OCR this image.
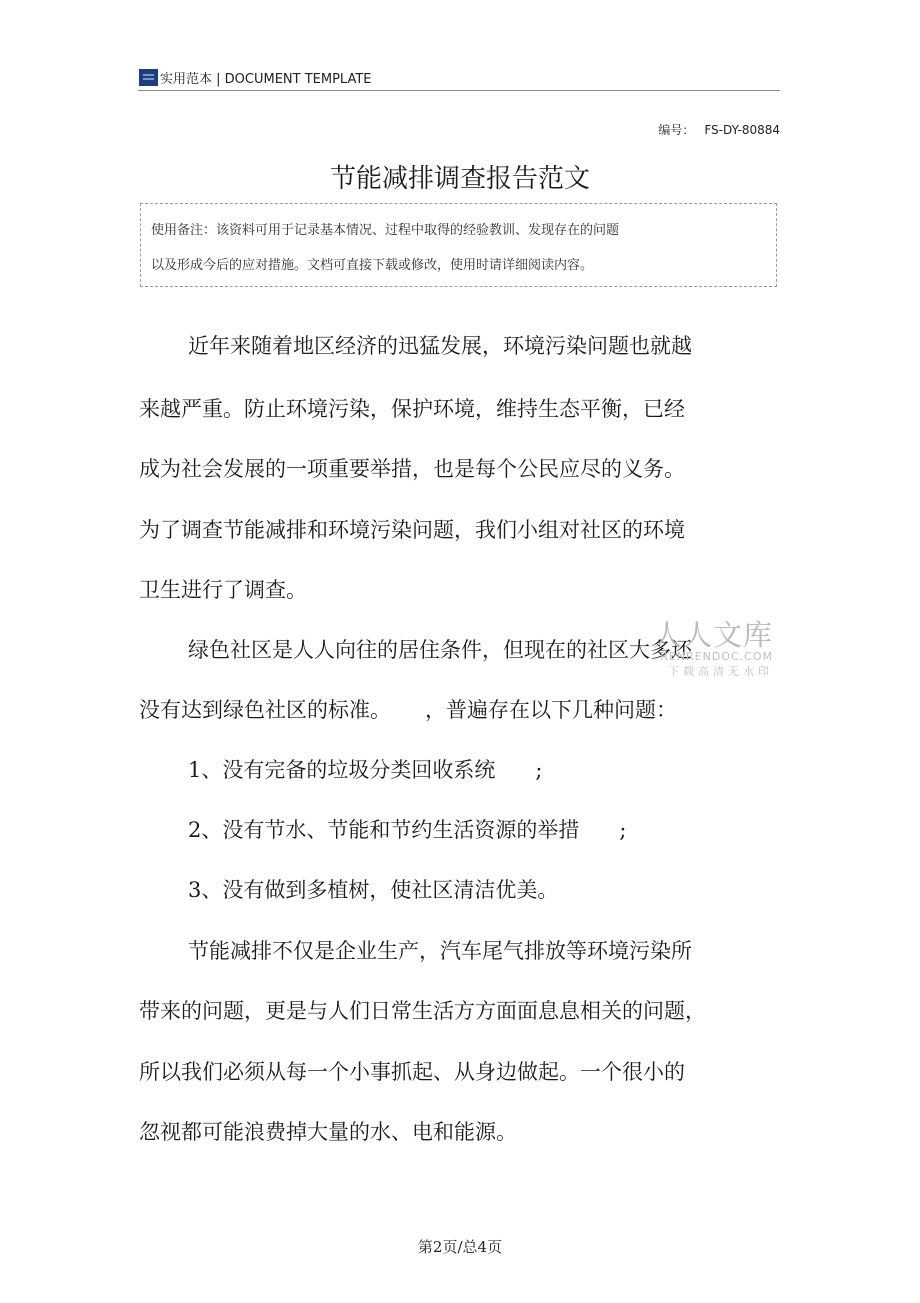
实用范本 | DOCUMENT TEMPLATE
编号： FS-DY-80884
节能减排调查报告范文
使用备注：该资料可用于记录基本情况、过程中取得的经验教训、发现存在的问题
以及形成今后的应对措施。文档可直接下载或修改，使用时请详细阅读内容。
近年来随着地区经济的迅猛发展，环境污染问题也就越
来越严重。防止环境污染，保护环境，维持生态平衡，已经
成为社会发展的一项重要举措，也是每个公民应尽的义务。
为了调查节能减排和环境污染问题，我们小组对社区的环境
卫生进行了调查。
绿色社区是人人向往的居住条件，但现在的社区大多还
没有达到绿色社区的标准。 ，普遍存在以下几种问题：
1、没有完备的垃圾分类回收系统 ;
2、没有节水、节能和节约生活资源的举措 ;
3、没有做到多植树，使社区清洁优美。
节能减排不仅是企业生产，汽车尾气排放等环境污染所
带来的问题，更是与人们日常生活方方面面息息相关的问题，
所以我们必须从每一个小事抓起、从身边做起。一个很小的
忽视都可能浪费掉大量的水、电和能源。
人人文库
RENRENDOC.COM
下载高清无水印
第2页/总4页
